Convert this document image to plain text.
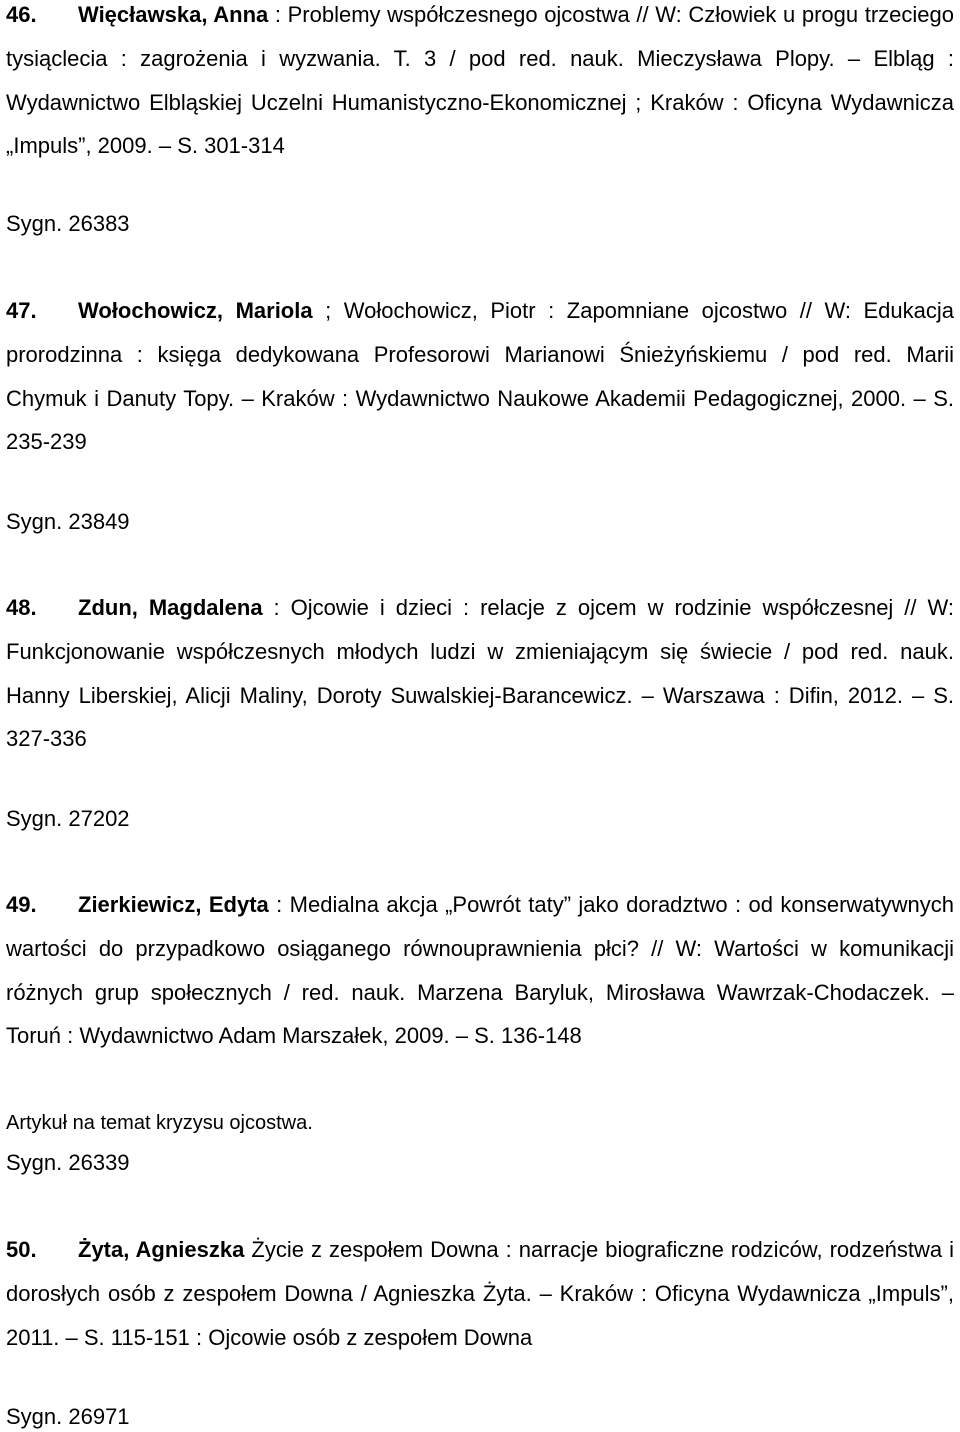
46. Więcławska, Anna : Problemy współczesnego ojcostwa // W: Człowiek u progu trzeciego tysiąclecia : zagrożenia i wyzwania. T. 3 / pod red. nauk. Mieczysława Plopy. – Elbląg : Wydawnictwo Elbląskiej Uczelni Humanistyczno-Ekonomicznej ; Kraków : Oficyna Wydawnicza „Impuls”, 2009. – S. 301-314

Sygn. 26383

47. Wołochowicz, Mariola ; Wołochowicz, Piotr : Zapomniane ojcostwo // W: Edukacja prorodzinna : księga dedykowana Profesorowi Marianowi Śnieżyńskiemu / pod red. Marii Chymuk i Danuty Topy. – Kraków : Wydawnictwo Naukowe Akademii Pedagogicznej, 2000. – S. 235-239

Sygn. 23849

48. Zdun, Magdalena : Ojcowie i dzieci : relacje z ojcem w rodzinie współczesnej // W: Funkcjonowanie współczesnych młodych ludzi w zmieniającym się świecie / pod red. nauk. Hanny Liberskiej, Alicji Maliny, Doroty Suwalskiej-Barancewicz. – Warszawa : Difin, 2012. – S. 327-336

Sygn. 27202

49. Zierkiewicz, Edyta : Medialna akcja „Powrót taty” jako doradztwo : od konserwatywnych wartości do przypadkowo osiąganego równouprawnienia płci? // W: Wartości w komunikacji różnych grup społecznych / red. nauk. Marzena Baryluk, Mirosława Wawrzak-Chodaczek. – Toruń : Wydawnictwo Adam Marszałek, 2009. – S. 136-148

Artykuł na temat kryzysu ojcostwa.

Sygn. 26339

50. Żyta, Agnieszka Życie z zespołem Downa : narracje biograficzne rodziców, rodzeństwa i dorosłych osób z zespołem Downa / Agnieszka Żyta. – Kraków : Oficyna Wydawnicza „Impuls”, 2011. – S. 115-151 : Ojcowie osób z zespołem Downa

Sygn. 26971
